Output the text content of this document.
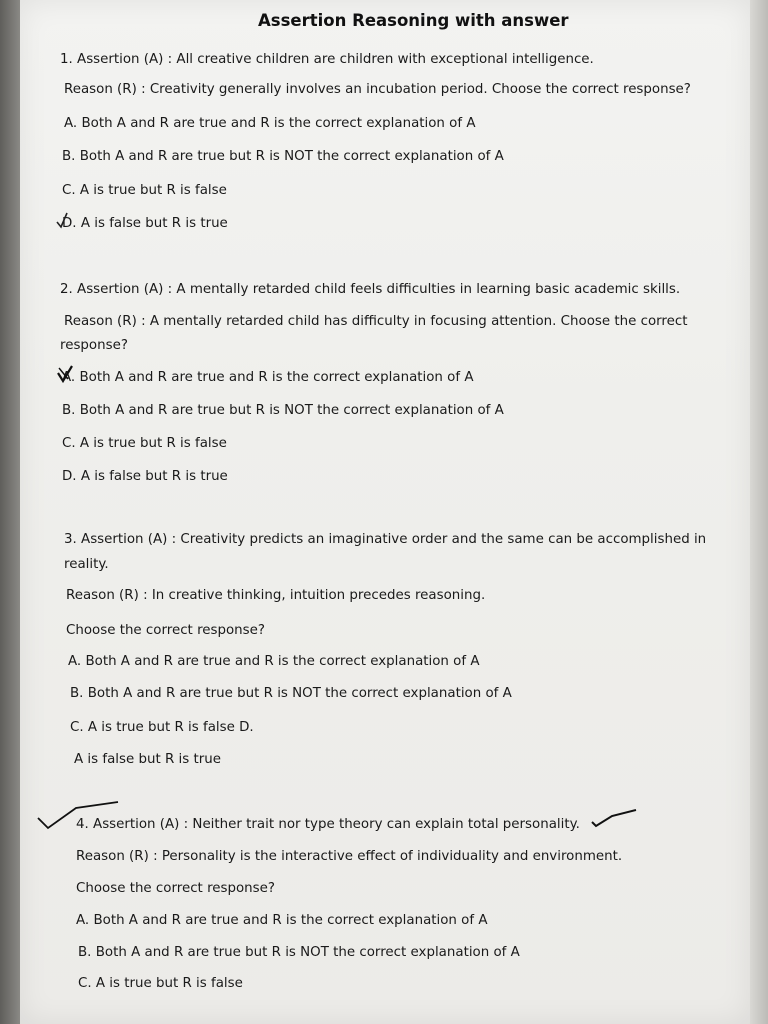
Assertion Reasoning with answer
1. Assertion (A) : All creative children are children with exceptional intelligence.
Reason (R) : Creativity generally involves an incubation period. Choose the correct response?
A. Both A and R are true and R is the correct explanation of A
B. Both A and R are true but R is NOT the correct explanation of A
C. A is true but R is false
D. A is false but R is true
2. Assertion (A) : A mentally retarded child feels difficulties in learning basic academic skills.
Reason (R) : A mentally retarded child has difficulty in focusing attention. Choose the correct
response?
A. Both A and R are true and R is the correct explanation of A
B. Both A and R are true but R is NOT the correct explanation of A
C. A is true but R is false
D. A is false but R is true
3. Assertion (A) : Creativity predicts an imaginative order and the same can be accomplished in
reality.
Reason (R) : In creative thinking, intuition precedes reasoning.
Choose the correct response?
A. Both A and R are true and R is the correct explanation of A
B. Both A and R are true but R is NOT the correct explanation of A
C. A is true but R is false D.
A is false but R is true
4. Assertion (A) : Neither trait nor type theory can explain total personality.
Reason (R) : Personality is the interactive effect of individuality and environment.
Choose the correct response?
A. Both A and R are true and R is the correct explanation of A
B. Both A and R are true but R is NOT the correct explanation of A
C. A is true but R is false
